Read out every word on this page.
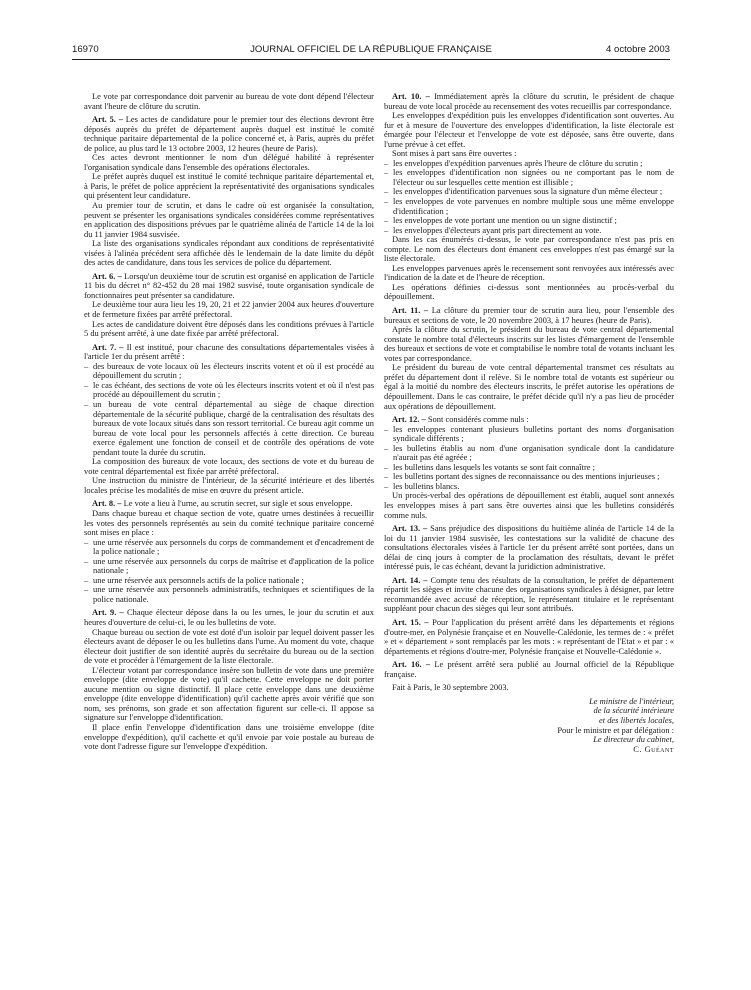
16970	JOURNAL OFFICIEL DE LA RÉPUBLIQUE FRANÇAISE	4 octobre 2003

Le vote par correspondance doit parvenir au bureau de vote dont dépend l'électeur avant l'heure de clôture du scrutin.

Art. 5. – Les actes de candidature pour le premier tour des élections devront être déposés auprès du préfet de département auprès duquel est institué le comité technique paritaire départemental de la police concerné et, à Paris, auprès du préfet de police, au plus tard le 13 octobre 2003, 12 heures (heure de Paris).

Ces actes devront mentionner le nom d'un délégué habilité à représenter l'organisation syndicale dans l'ensemble des opérations électorales.

Le préfet auprès duquel est institué le comité technique paritaire départemental et, à Paris, le préfet de police apprécient la représentativité des organisations syndicales qui présentent leur candidature.

Au premier tour de scrutin, et dans le cadre où est organisée la consultation, peuvent se présenter les organisations syndicales considérées comme représentatives en application des dispositions prévues par le quatrième alinéa de l'article 14 de la loi du 11 janvier 1984 susvisée.

La liste des organisations syndicales répondant aux conditions de représentativité visées à l'alinéa précédent sera affichée dès le lendemain de la date limite du dépôt des actes de candidature, dans tous les services de police du département.

Art. 6. – Lorsqu'un deuxième tour de scrutin est organisé en application de l'article 11 bis du décret n° 82-452 du 28 mai 1982 susvisé, toute organisation syndicale de fonctionnaires peut présenter sa candidature.

Le deuxième tour aura lieu les 19, 20, 21 et 22 janvier 2004 aux heures d'ouverture et de fermeture fixées par arrêté préfectoral.

Les actes de candidature doivent être déposés dans les conditions prévues à l'article 5 du présent arrêté, à une date fixée par arrêté préfectoral.

Art. 7. – Il est institué, pour chacune des consultations départementales visées à l'article 1er du présent arrêté :

– des bureaux de vote locaux où les électeurs inscrits votent et où il est procédé au dépouillement du scrutin ;
– le cas échéant, des sections de vote où les électeurs inscrits votent et où il n'est pas procédé au dépouillement du scrutin ;
– un bureau de vote central départemental au siège de chaque direction départementale de la sécurité publique, chargé de la centralisation des résultats des bureaux de vote locaux situés dans son ressort territorial. Ce bureau agit comme un bureau de vote local pour les personnels affectés à cette direction. Ce bureau exerce également une fonction de conseil et de contrôle des opérations de vote pendant toute la durée du scrutin.

La composition des bureaux de vote locaux, des sections de vote et du bureau de vote central départemental est fixée par arrêté préfectoral.

Une instruction du ministre de l'intérieur, de la sécurité intérieure et des libertés locales précise les modalités de mise en œuvre du présent article.

Art. 8. – Le vote a lieu à l'urne, au scrutin secret, sur sigle et sous enveloppe.

Dans chaque bureau et chaque section de vote, quatre urnes destinées à recueillir les votes des personnels représentés au sein du comité technique paritaire concerné sont mises en place :

– une urne réservée aux personnels du corps de commandement et d'encadrement de la police nationale ;
– une urne réservée aux personnels du corps de maîtrise et d'application de la police nationale ;
– une urne réservée aux personnels actifs de la police nationale ;
– une urne réservée aux personnels administratifs, techniques et scientifiques de la police nationale.

Art. 9. – Chaque électeur dépose dans la ou les urnes, le jour du scrutin et aux heures d'ouverture de celui-ci, le ou les bulletins de vote.

Chaque bureau ou section de vote est doté d'un isoloir par lequel doivent passer les électeurs avant de déposer le ou les bulletins dans l'urne. Au moment du vote, chaque électeur doit justifier de son identité auprès du secrétaire du bureau ou de la section de vote et procéder à l'émargement de la liste électorale.

L'électeur votant par correspondance insère son bulletin de vote dans une première enveloppe (dite enveloppe de vote) qu'il cachette. Cette enveloppe ne doit porter aucune mention ou signe distinctif. Il place cette enveloppe dans une deuxième enveloppe (dite enveloppe d'identification) qu'il cachette après avoir vérifié que son nom, ses prénoms, son grade et son affectation figurent sur celle-ci. Il appose sa signature sur l'enveloppe d'identification.

Il place enfin l'enveloppe d'identification dans une troisième enveloppe (dite enveloppe d'expédition), qu'il cachette et qu'il envoie par voie postale au bureau de vote dont l'adresse figure sur l'enveloppe d'expédition.

Art. 10. – Immédiatement après la clôture du scrutin, le président de chaque bureau de vote local procède au recensement des votes recueillis par correspondance.

Les enveloppes d'expédition puis les enveloppes d'identification sont ouvertes. Au fur et à mesure de l'ouverture des enveloppes d'identification, la liste électorale est émargée pour l'électeur et l'enveloppe de vote est déposée, sans être ouverte, dans l'urne prévue à cet effet.

Sont mises à part sans être ouvertes :

– les enveloppes d'expédition parvenues après l'heure de clôture du scrutin ;
– les enveloppes d'identification non signées ou ne comportant pas le nom de l'électeur ou sur lesquelles cette mention est illisible ;
– les enveloppes d'identification parvenues sous la signature d'un même électeur ;
– les enveloppes de vote parvenues en nombre multiple sous une même enveloppe d'identification ;
– les enveloppes de vote portant une mention ou un signe distinctif ;
– les enveloppes d'électeurs ayant pris part directement au vote.

Dans les cas énumérés ci-dessus, le vote par correspondance n'est pas pris en compte. Le nom des électeurs dont émanent ces enveloppes n'est pas émargé sur la liste électorale.

Les enveloppes parvenues après le recensement sont renvoyées aux intéressés avec l'indication de la date et de l'heure de réception.

Les opérations définies ci-dessus sont mentionnées au procès-verbal du dépouillement.

Art. 11. – La clôture du premier tour de scrutin aura lieu, pour l'ensemble des bureaux et sections de vote, le 20 novembre 2003, à 17 heures (heure de Paris).

Après la clôture du scrutin, le président du bureau de vote central départemental constate le nombre total d'électeurs inscrits sur les listes d'émargement de l'ensemble des bureaux et sections de vote et comptabilise le nombre total de votants incluant les votes par correspondance.

Le président du bureau de vote central départemental transmet ces résultats au préfet du département dont il relève. Si le nombre total de votants est supérieur ou égal à la moitié du nombre des électeurs inscrits, le préfet autorise les opérations de dépouillement. Dans le cas contraire, le préfet décide qu'il n'y a pas lieu de procéder aux opérations de dépouillement.

Art. 12. – Sont considérés comme nuls :

– les enveloppes contenant plusieurs bulletins portant des noms d'organisation syndicale différents ;
– les bulletins établis au nom d'une organisation syndicale dont la candidature n'aurait pas été agréée ;
– les bulletins dans lesquels les votants se sont fait connaître ;
– les bulletins portant des signes de reconnaissance ou des mentions injurieuses ;
– les bulletins blancs.

Un procès-verbal des opérations de dépouillement est établi, auquel sont annexés les enveloppes mises à part sans être ouvertes ainsi que les bulletins considérés comme nuls.

Art. 13. – Sans préjudice des dispositions du huitième alinéa de l'article 14 de la loi du 11 janvier 1984 susvisée, les contestations sur la validité de chacune des consultations électorales visées à l'article 1er du présent arrêté sont portées, dans un délai de cinq jours à compter de la proclamation des résultats, devant le préfet intéressé puis, le cas échéant, devant la juridiction administrative.

Art. 14. – Compte tenu des résultats de la consultation, le préfet de département répartit les sièges et invite chacune des organisations syndicales à désigner, par lettre recommandée avec accusé de réception, le représentant titulaire et le représentant suppléant pour chacun des sièges qui leur sont attribués.

Art. 15. – Pour l'application du présent arrêté dans les départements et régions d'outre-mer, en Polynésie française et en Nouvelle-Calédonie, les termes de : « préfet » et « département » sont remplacés par les mots : « représentant de l'Etat » et par : « départements et régions d'outre-mer, Polynésie française et Nouvelle-Calédonie ».

Art. 16. – Le présent arrêté sera publié au Journal officiel de la République française.

Fait à Paris, le 30 septembre 2003.

Le ministre de l'intérieur,
de la sécurité intérieure
et des libertés locales,
Pour le ministre et par délégation :
Le directeur du cabinet,
C. Guéant
